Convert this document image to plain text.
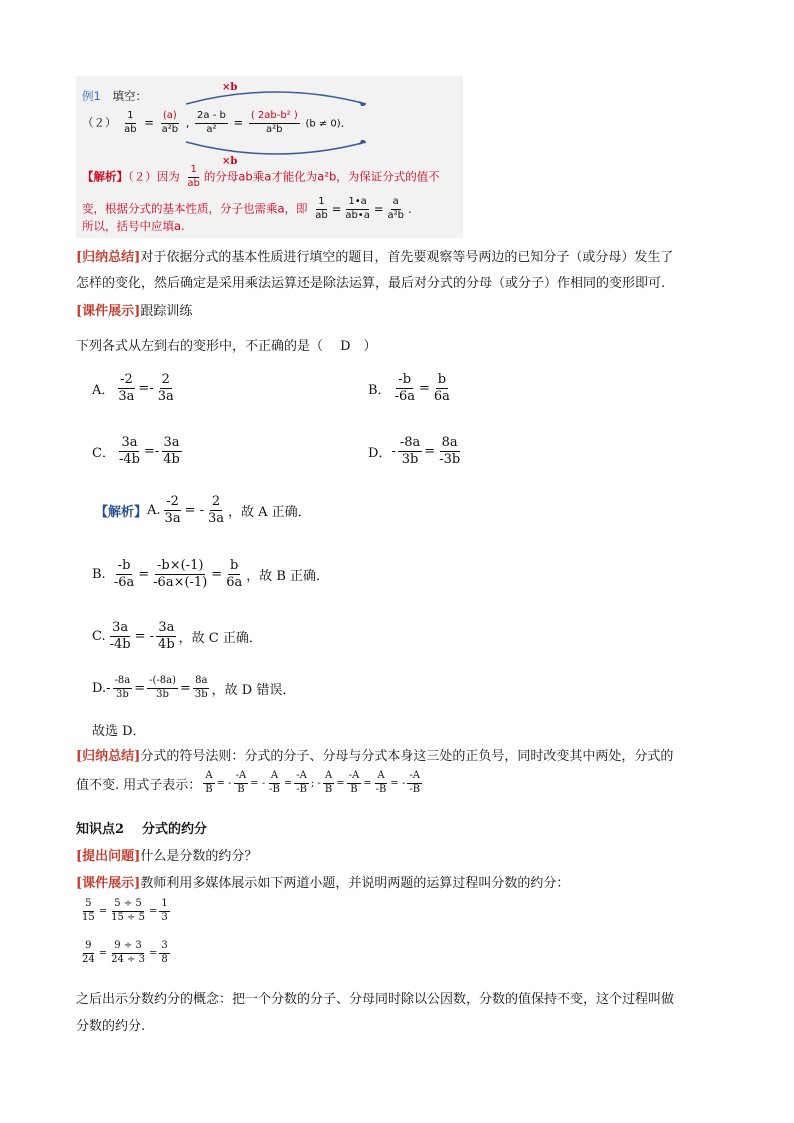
例1 填空：
×b
$(2) \frac{1}{ab} = \frac{(a)}{\text{a²b}}$ , $\frac{2a - b}{\text{a²}} = \frac{\text{( 2ab-b² )}}{\text{a²b}} (b \ne 0)$．
×b
【解析】（２）因为 $\frac{1}{ab}$ 的分母ab乘a才能化为a²b，为保证分式的值不
变，根据分式的基本性质，分子也需乘a，即 $\frac{1}{ab} = \frac{1•a}{ab•a} = \frac{a}{\text{a²b}}$ .
所以，括号中应填a.
[归纳总结]对于依据分式的基本性质进行填空的题目，首先要观察等号两边的已知分子（或分母）发生了
怎样的变化，然后确定是采用乘法运算还是除法运算，最后对分式的分母（或分子）作相同的变形即可.
[课件展示]跟踪训练
下列各式从左到右的变形中，不正确的是（　 D　）
A． $\frac{-2}{3a} =- \frac{2}{3a}$	B． $\frac{-b}{-6a} = \frac{b}{6a}$
C． $\frac{3a}{-4b} =- \frac{3a}{4b}$	D． - $\frac{-8a}{3b} = \frac{8a}{-3b}$
【解析】 A. $\frac{-2}{3a}$ = - $\frac{2}{3a}$ ，故 A 正确．
B.
$\frac{-b}{-6a} = \frac{-b\times(-1)}{-6a\times(-1)} = \frac{b}{6a}$ ，故 B 正确．
C. $\frac{3a}{-4b}$ = - $\frac{3a}{4b}$ ，故 C 正确．
D. - $\frac{-8a}{3b} = \frac{-(-8a)}{3b} = \frac{8a}{3b}$ ，故 D 错误．
故选 D．
[归纳总结]分式的符号法则：分式的分子、分母与分式本身这三处的正负号，同时改变其中两处，分式的
值不变. 用式子表示： $\frac{A}{B}$ = - $\frac{-A}{B}$ = - $\frac{A}{-B} = \frac{-A}{-B}$ ; - $\frac{A}{B} = \frac{-A}{B} = \frac{A}{-B}$ = - $\frac{-A}{-B}$
知识点2 分式的约分
[提出问题]什么是分数的约分？
[课件展示]教师利用多媒体展示如下两道小题，并说明两题的运算过程叫分数的约分：
$\frac{5}{15} = \frac{5 \div 5}{15 \div 5} = \frac{1}{3}$
$\frac{9}{24} = \frac{9 \div 3}{24 \div 3} = \frac{3}{8}$
之后出示分数约分的概念：把一个分数的分子、分母同时除以公因数，分数的值保持不变，这个过程叫做
分数的约分.
